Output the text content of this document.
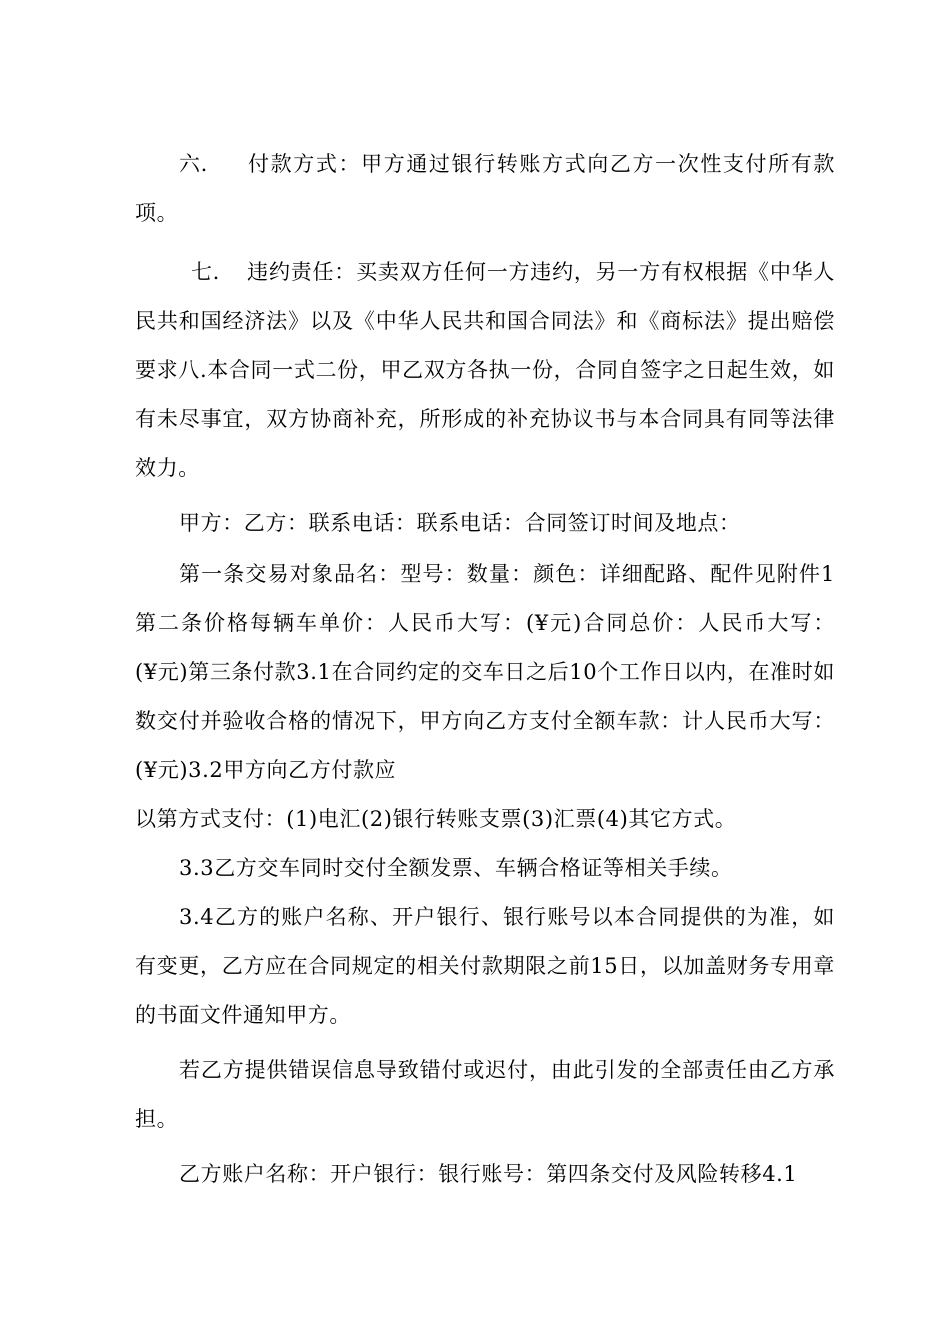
六. 付款方式：甲方通过银行转账方式向乙方一次性支付所有款项。

七. 违约责任：买卖双方任何一方违约，另一方有权根据《中华人民共和国经济法》以及《中华人民共和国合同法》和《商标法》提出赔偿要求八.本合同一式二份，甲乙双方各执一份，合同自签字之日起生效，如有未尽事宜，双方协商补充，所形成的补充协议书与本合同具有同等法律效力。

甲方：乙方：联系电话：联系电话：合同签订时间及地点：

第一条交易对象品名：型号：数量：颜色：详细配路、配件见附件1第二条价格每辆车单价：人民币大写：(¥元)合同总价：人民币大写：(¥元)第三条付款3.1在合同约定的交车日之后10个工作日以内，在准时如数交付并验收合格的情况下，甲方向乙方支付全额车款：计人民币大写：(¥元)3.2甲方向乙方付款应

以第方式支付：(1)电汇(2)银行转账支票(3)汇票(4)其它方式。

3.3乙方交车同时交付全额发票、车辆合格证等相关手续。

3.4乙方的账户名称、开户银行、银行账号以本合同提供的为准，如有变更，乙方应在合同规定的相关付款期限之前15日，以加盖财务专用章的书面文件通知甲方。

若乙方提供错误信息导致错付或迟付，由此引发的全部责任由乙方承担。

乙方账户名称：开户银行：银行账号：第四条交付及风险转移4.1
